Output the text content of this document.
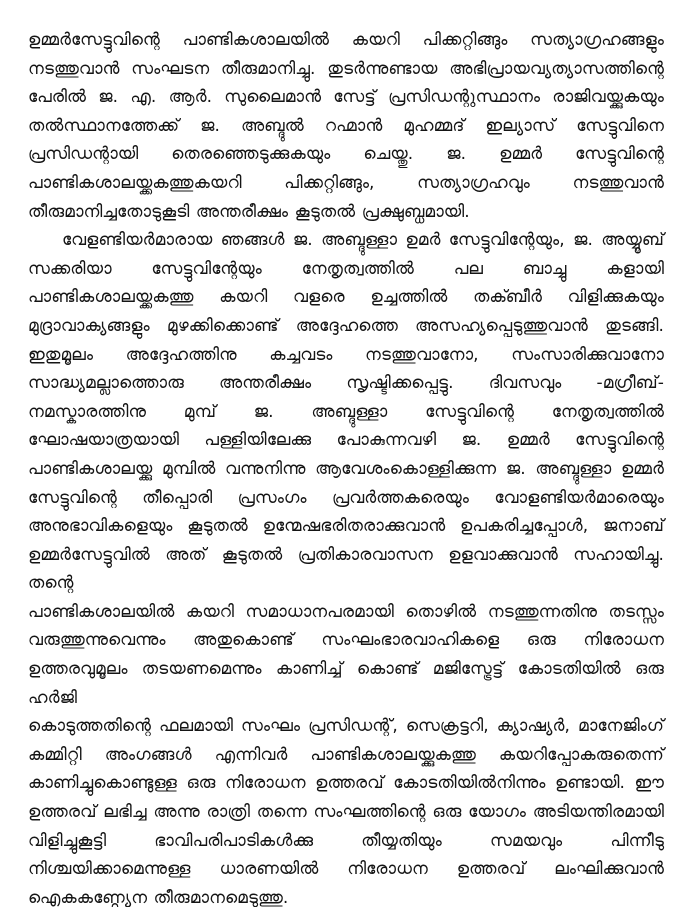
ഉമ്മർസേട്ടുവിന്റെ പാണ്ടികശാലയിൽ കയറി പിക്കറ്റിങ്ങും സത്യാഗ്രഹങ്ങളും
നടത്തുവാൻ സംഘടന തീരുമാനിച്ചു. തുടർന്നുണ്ടായ അഭിപ്രായവ്യത്യാസത്തിന്റെ
പേരിൽ ജ. എ. ആർ. സുലൈമാൻ സേട്ട് പ്രസിഡന്റുസ്ഥാനം രാജിവയ്ക്കുകയും
തൽസ്ഥാനത്തേക്ക് ജ. അബ്ദുൽ റഹ്മാൻ മുഹമ്മദ് ഇല്യാസ് സേട്ടുവിനെ
പ്രസിഡന്റായി തെരഞ്ഞെടുക്കുകയും ചെയ്തു. ജ. ഉമ്മർ സേട്ടുവിന്റെ
പാണ്ടികശാലയ്ക്കകത്തുകയറി പിക്കറ്റിങ്ങും, സത്യാഗ്രഹവും നടത്തുവാൻ
തീരുമാനിച്ചതോടുകൂടി അന്തരീക്ഷം കൂടുതൽ പ്രക്ഷുബ്ധമായി.
വേളണ്ടിയർമാരായ ഞങ്ങൾ ജ. അബ്ദുള്ളാ ഉമർ സേട്ടുവിന്റേയും, ജ. അയ്യൂബ്
സക്കരിയാ സേട്ടുവിന്റേയും നേതൃത്വത്തിൽ പല ബാച്ചു കളായി
പാണ്ടികശാലയ്ക്കകത്തു കയറി വളരെ ഉച്ചത്തിൽ തക്ബീർ വിളിക്കുകയും
മുദ്രാവാക്യങ്ങളും മുഴക്കിക്കൊണ്ട് അദ്ദേഹത്തെ അസഹ്യപ്പെടുത്തുവാൻ തുടങ്ങി.
ഇതുമൂലം അദ്ദേഹത്തിനു കച്ചവടം നടത്തുവാനോ, സംസാരിക്കുവാനോ
സാദ്ധ്യമല്ലാത്തൊരു അന്തരീക്ഷം സൃഷ്ടിക്കപ്പെട്ടു. ദിവസവും -മഗ്രീബ്-
നമസ്കാരത്തിനു മുമ്പ് ജ. അബ്ദുള്ളാ സേട്ടുവിന്റെ നേതൃത്വത്തിൽ
ഘോഷയാത്രയായി പള്ളിയിലേക്കു പോകുന്നവഴി ജ. ഉമ്മർ സേട്ടുവിന്റെ
പാണ്ടികശാലയ്ക്കു മുമ്പിൽ വന്നുനിന്നു ആവേശംകൊള്ളിക്കുന്ന ജ. അബ്ദുള്ളാ ഉമ്മർ
സേട്ടുവിന്റെ തീപ്പൊരി പ്രസംഗം പ്രവർത്തകരെയും വോളണ്ടിയർമാരെയും
അനുഭാവികളെയും കൂടുതൽ ഉന്മേഷഭരിതരാക്കുവാൻ ഉപകരിച്ചപ്പോൾ, ജനാബ്
ഉമ്മർസേട്ടുവിൽ അത് കൂടുതൽ പ്രതികാരവാസന ഉളവാക്കുവാൻ സഹായിച്ചു. തന്റെ
പാണ്ടികശാലയിൽ കയറി സമാധാനപരമായി തൊഴിൽ നടത്തുന്നതിനു തടസ്സം
വരുത്തുന്നുവെന്നും അതുകൊണ്ട് സംഘംഭാരവാഹികളെ ഒരു നിരോധന
ഉത്തരവുമൂലം തടയണമെന്നും കാണിച്ച് കൊണ്ട് മജിസ്ട്രേട്ട് കോടതിയിൽ ഒരു ഹർജി
കൊടുത്തതിന്റെ ഫലമായി സംഘം പ്രസിഡന്റ്, സെക്രട്ടറി, ക്യാഷ്യർ, മാനേജിംഗ്
കമ്മിറ്റി അംഗങ്ങൾ എന്നിവർ പാണ്ടികശാലയ്ക്കുകത്തു കയറിപ്പോകരുതെന്ന്
കാണിച്ചുകൊണ്ടുള്ള ഒരു നിരോധന ഉത്തരവ് കോടതിയിൽനിന്നും ഉണ്ടായി. ഈ
ഉത്തരവ് ലഭിച്ച അന്നു രാത്രി തന്നെ സംഘത്തിന്റെ ഒരു യോഗം അടിയന്തിരമായി
വിളിച്ചുകൂട്ടി ഭാവിപരിപാടികൾക്കു തീയ്യതിയും സമയവും പിന്നീടു
നിശ്ചയിക്കാമെന്നുള്ള ധാരണയിൽ നിരോധന ഉത്തരവ് ലംഘിക്കുവാൻ
ഐകകണ്ഠ്യേന തീരുമാനമെടുത്തു.
